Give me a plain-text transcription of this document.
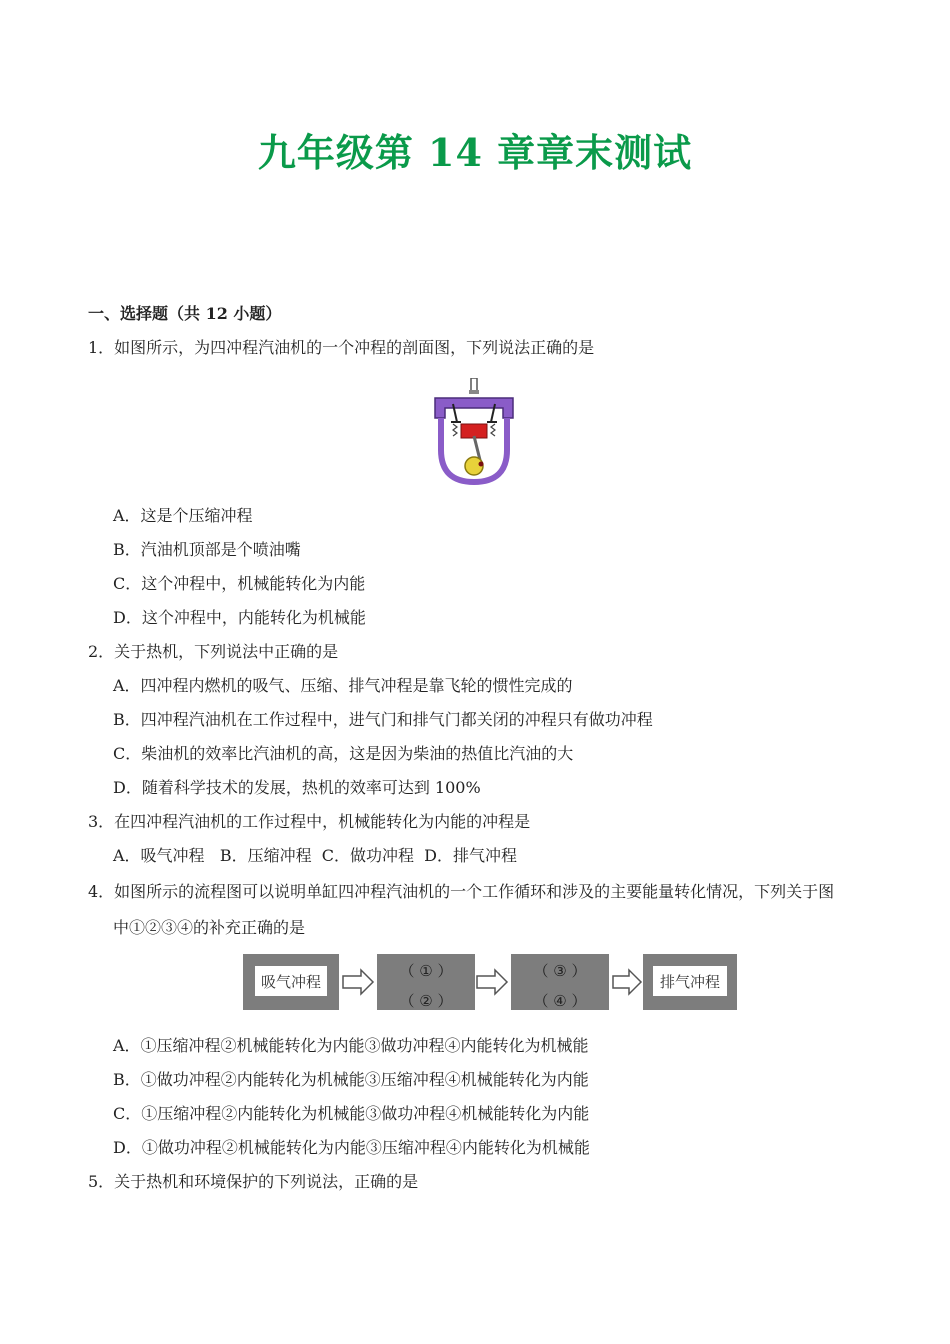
九年级第 14 章章末测试
一、选择题（共 12 小题）
1．如图所示，为四冲程汽油机的一个冲程的剖面图，下列说法正确的是
A．这是个压缩冲程
B．汽油机顶部是个喷油嘴
C．这个冲程中，机械能转化为内能
D．这个冲程中，内能转化为机械能
2．关于热机，下列说法中正确的是
A．四冲程内燃机的吸气、压缩、排气冲程是靠飞轮的惯性完成的
B．四冲程汽油机在工作过程中，进气门和排气门都关闭的冲程只有做功冲程
C．柴油机的效率比汽油机的高，这是因为柴油的热值比汽油的大
D．随着科学技术的发展，热机的效率可达到 100%
3．在四冲程汽油机的工作过程中，机械能转化为内能的冲程是
A．吸气冲程   B．压缩冲程  C．做功冲程  D．排气冲程
4．如图所示的流程图可以说明单缸四冲程汽油机的一个工作循环和涉及的主要能量转化情况，下列关于图
中①②③④的补充正确的是
吸气冲程
（ ① ）
（ ② ）
（ ③ ）
（ ④ ）
排气冲程
A．①压缩冲程②机械能转化为内能③做功冲程④内能转化为机械能
B．①做功冲程②内能转化为机械能③压缩冲程④机械能转化为内能
C．①压缩冲程②内能转化为机械能③做功冲程④机械能转化为内能
D．①做功冲程②机械能转化为内能③压缩冲程④内能转化为机械能
5．关于热机和环境保护的下列说法，正确的是
